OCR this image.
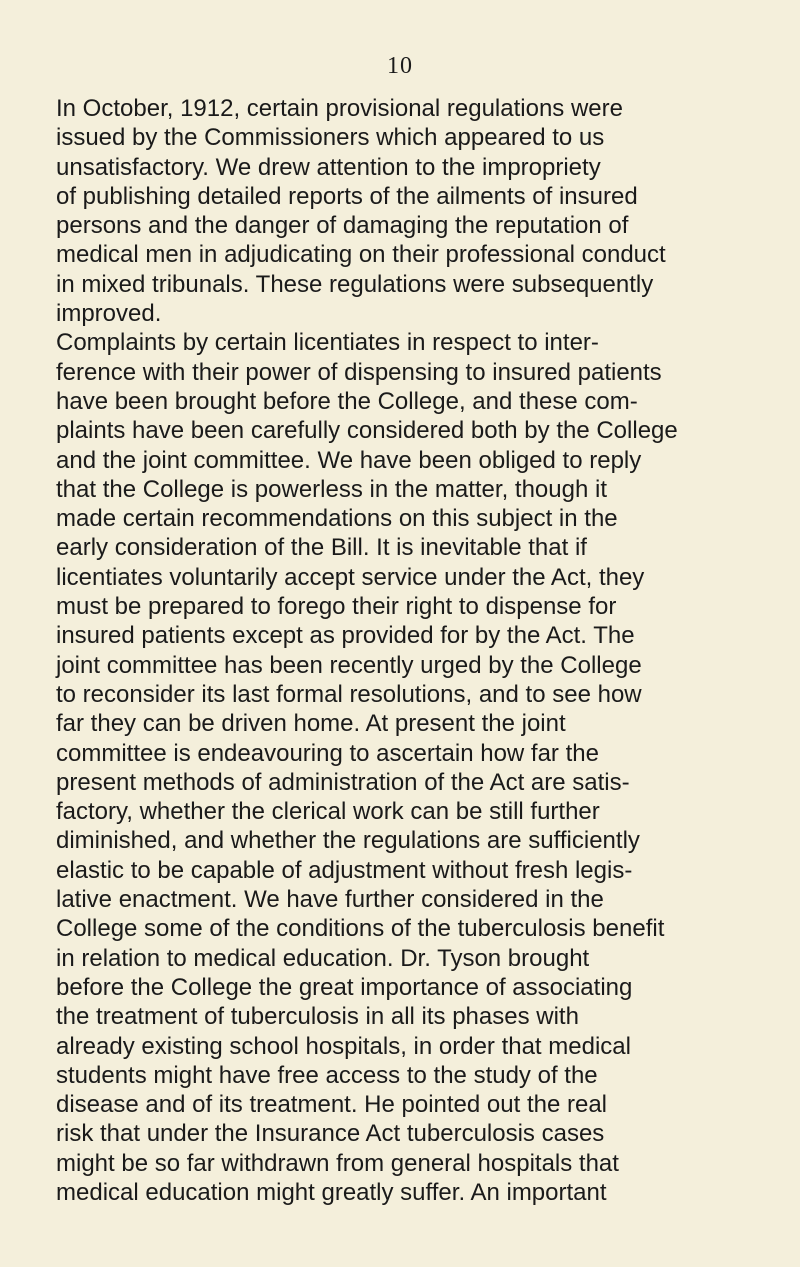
10
In October, 1912, certain provisional regulations were
issued by the Commissioners which appeared to us
unsatisfactory. We drew attention to the impropriety
of publishing detailed reports of the ailments of insured
persons and the danger of damaging the reputation of
medical men in adjudicating on their professional conduct
in mixed tribunals. These regulations were subsequently
improved.
Complaints by certain licentiates in respect to inter-
ference with their power of dispensing to insured patients
have been brought before the College, and these com-
plaints have been carefully considered both by the College
and the joint committee. We have been obliged to reply
that the College is powerless in the matter, though it
made certain recommendations on this subject in the
early consideration of the Bill. It is inevitable that if
licentiates voluntarily accept service under the Act, they
must be prepared to forego their right to dispense for
insured patients except as provided for by the Act. The
joint committee has been recently urged by the College
to reconsider its last formal resolutions, and to see how
far they can be driven home. At present the joint
committee is endeavouring to ascertain how far the
present methods of administration of the Act are satis-
factory, whether the clerical work can be still further
diminished, and whether the regulations are sufficiently
elastic to be capable of adjustment without fresh legis-
lative enactment. We have further considered in the
College some of the conditions of the tuberculosis benefit
in relation to medical education. Dr. Tyson brought
before the College the great importance of associating
the treatment of tuberculosis in all its phases with
already existing school hospitals, in order that medical
students might have free access to the study of the
disease and of its treatment. He pointed out the real
risk that under the Insurance Act tuberculosis cases
might be so far withdrawn from general hospitals that
medical education might greatly suffer. An important
